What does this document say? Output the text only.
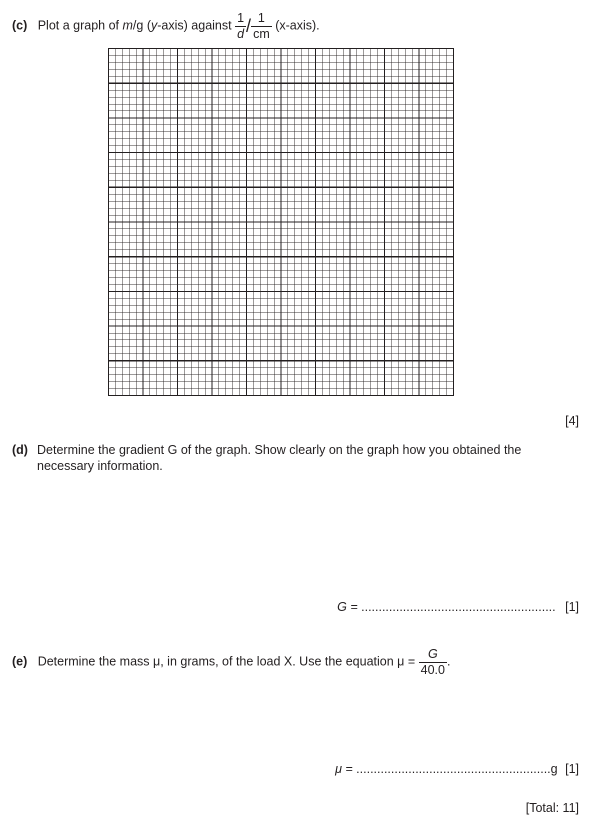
(c) Plot a graph of m/g (y-axis) against $\frac{1}{d} / \frac{1}{cm}$ (x-axis).
[4]
(d) Determine the gradient G of the graph. Show clearly on the graph how you obtained the
necessary information.
G = ........................................................ [1]
(e) Determine the mass μ, in grams, of the load X. Use the equation $\mu = \frac{G}{40.0}$ .
μ = ........................................................g [1]
[Total: 11]
